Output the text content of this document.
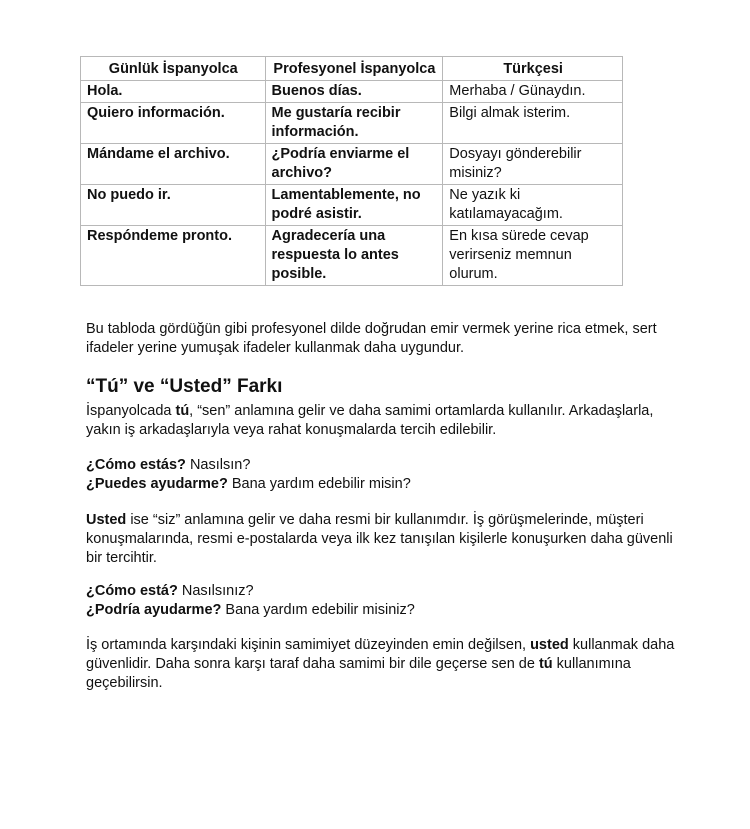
Günlük İspanyolca	Profesyonel İspanyolca	Türkçesi
Hola.	Buenos días.	Merhaba / Günaydın.
Quiero información.	Me gustaría recibir información.	Bilgi almak isterim.
Mándame el archivo.	¿Podría enviarme el archivo?	Dosyayı gönderebilir misiniz?
No puedo ir.	Lamentablemente, no podré asistir.	Ne yazık ki katılamayacağım.
Respóndeme pronto.	Agradecería una respuesta lo antes posible.	En kısa sürede cevap verirseniz memnun olurum.

Bu tabloda gördüğün gibi profesyonel dilde doğrudan emir vermek yerine rica etmek, sert ifadeler yerine yumuşak ifadeler kullanmak daha uygundur.

“Tú” ve “Usted” Farkı

İspanyolcada tú, “sen” anlamına gelir ve daha samimi ortamlarda kullanılır. Arkadaşlarla, yakın iş arkadaşlarıyla veya rahat konuşmalarda tercih edilebilir.

¿Cómo estás? Nasılsın?
¿Puedes ayudarme? Bana yardım edebilir misin?

Usted ise “siz” anlamına gelir ve daha resmi bir kullanımdır. İş görüşmelerinde, müşteri konuşmalarında, resmi e-postalarda veya ilk kez tanışılan kişilerle konuşurken daha güvenli bir tercihtir.

¿Cómo está? Nasılsınız?
¿Podría ayudarme? Bana yardım edebilir misiniz?

İş ortamında karşındaki kişinin samimiyet düzeyinden emin değilsen, usted kullanmak daha güvenlidir. Daha sonra karşı taraf daha samimi bir dile geçerse sen de tú kullanımına geçebilirsin.
